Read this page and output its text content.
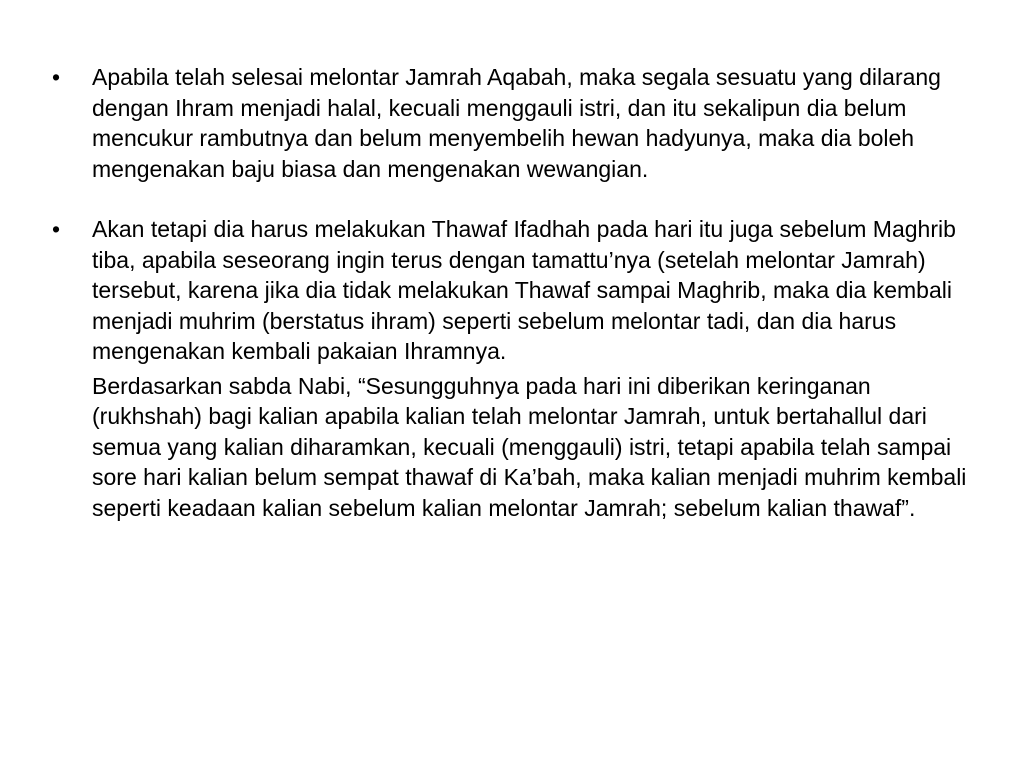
•	Apabila telah selesai melontar Jamrah Aqabah, maka segala sesuatu yang dilarang dengan Ihram menjadi halal, kecuali menggauli istri, dan itu sekalipun dia belum mencukur rambutnya dan belum menyembelih hewan hadyunya, maka dia boleh mengenakan baju biasa dan mengenakan wewangian.

•	Akan tetapi dia harus melakukan Thawaf Ifadhah pada hari itu juga sebelum Maghrib tiba, apabila seseorang ingin terus dengan tamattu’nya (setelah melontar Jamrah) tersebut, karena jika dia tidak melakukan Thawaf sampai Maghrib, maka dia kembali menjadi muhrim (berstatus ihram) seperti sebelum melontar tadi, dan dia harus mengenakan kembali pakaian Ihramnya.

Berdasarkan sabda Nabi, “Sesungguhnya pada hari ini diberikan keringanan (rukhshah) bagi kalian apabila kalian telah melontar Jamrah, untuk bertahallul dari semua yang kalian diharamkan, kecuali (menggauli) istri, tetapi apabila telah sampai sore hari kalian belum sempat thawaf di Ka’bah, maka kalian menjadi muhrim kembali seperti keadaan kalian sebelum kalian melontar Jamrah; sebelum kalian thawaf”.
